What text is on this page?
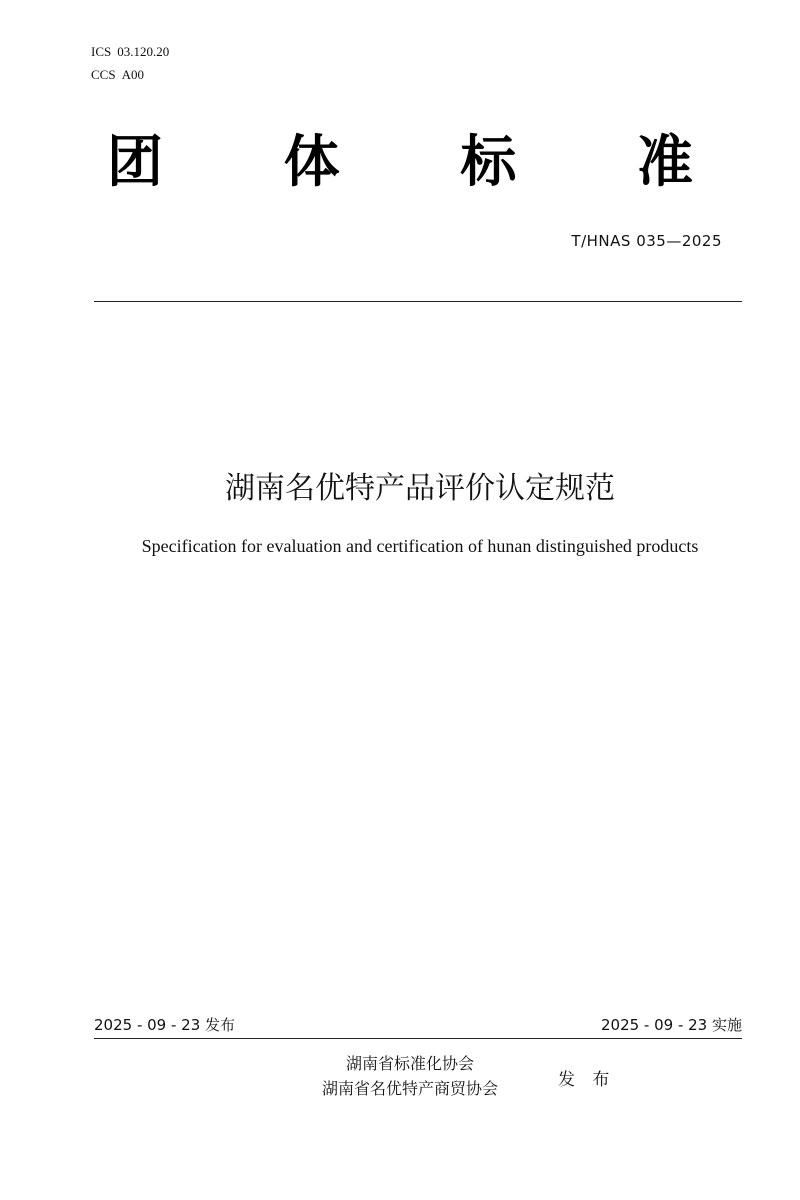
ICS 03.120.20
CCS A00
团	体	标	准
T/HNAS 035—2025
湖南名优特产品评价认定规范
Specification for evaluation and certification of hunan distinguished products
2025 - 09 - 23 发布	2025 - 09 - 23 实施
湖南省标准化协会
湖南省名优特产商贸协会	发 布
